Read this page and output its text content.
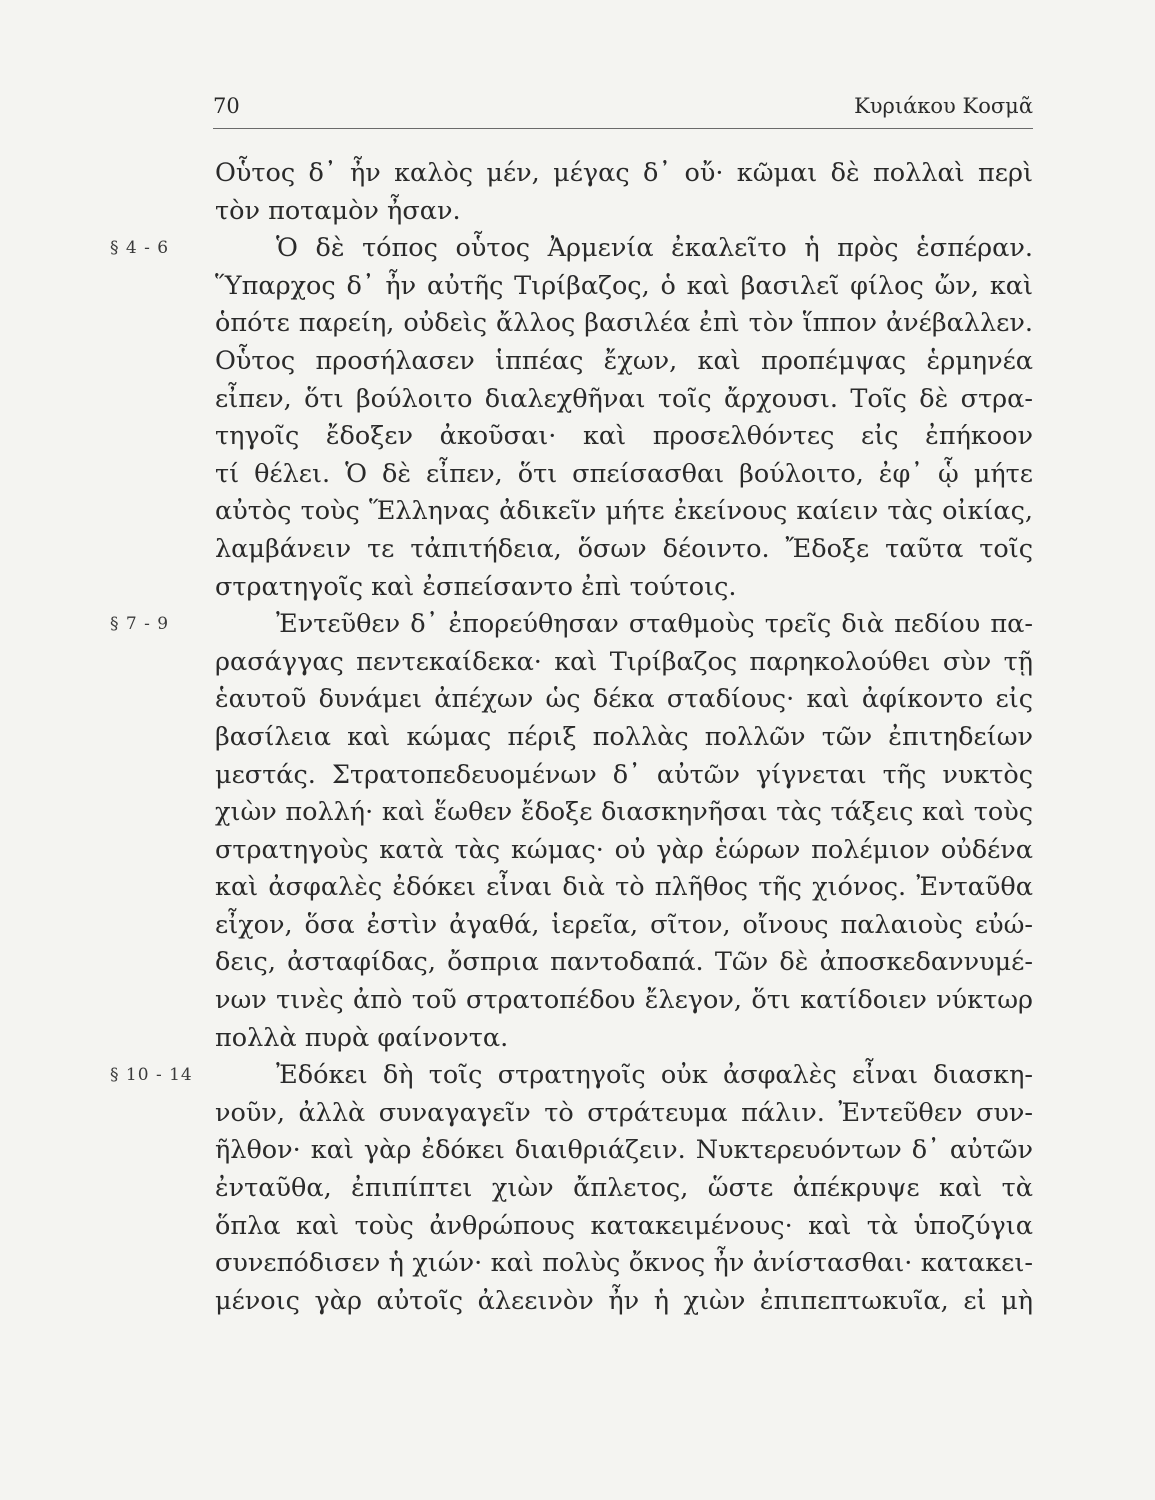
70	Κυριάκου Κοσμᾶ
Οὗτος δ᾽ ἦν καλὸς μέν, μέγας δ᾽ οὔ· κῶμαι δὲ πολλαὶ περὶ
τὸν ποταμὸν ἦσαν.
§ 4 - 6	Ὁ δὲ τόπος οὗτος Ἀρμενία ἐκαλεῖτο ἡ πρὸς ἑσπέραν.
Ὕπαρχος δ᾽ ἦν αὐτῆς Τιρίβαζος, ὁ καὶ βασιλεῖ φίλος ὤν, καὶ
ὁπότε παρείη, οὐδεὶς ἄλλος βασιλέα ἐπὶ τὸν ἵππον ἀνέβαλλεν.
Οὗτος προσήλασεν ἱππέας ἔχων, καὶ προπέμψας ἑρμηνέα
εἶπεν, ὅτι βούλοιτο διαλεχθῆναι τοῖς ἄρχουσι. Τοῖς δὲ στρα-
τηγοῖς ἔδοξεν ἀκοῦσαι· καὶ προσελθόντες εἰς ἐπήκοον
τί θέλει. Ὁ δὲ εἶπεν, ὅτι σπείσασθαι βούλοιτο, ἐφ᾽ ᾧ μήτε
αὐτὸς τοὺς Ἕλληνας ἀδικεῖν μήτε ἐκείνους καίειν τὰς οἰκίας,
λαμβάνειν τε τἀπιτήδεια, ὅσων δέοιντο. Ἔδοξε ταῦτα τοῖς
στρατηγοῖς καὶ ἐσπείσαντο ἐπὶ τούτοις.
§ 7 - 9	Ἐντεῦθεν δ᾽ ἐπορεύθησαν σταθμοὺς τρεῖς διὰ πεδίου πα-
ρασάγγας πεντεκαίδεκα· καὶ Τιρίβαζος παρηκολούθει σὺν τῇ
ἑαυτοῦ δυνάμει ἀπέχων ὡς δέκα σταδίους· καὶ ἀφίκοντο εἰς
βασίλεια καὶ κώμας πέριξ πολλὰς πολλῶν τῶν ἐπιτηδείων
μεστάς. Στρατοπεδευομένων δ᾽ αὐτῶν γίγνεται τῆς νυκτὸς
χιὼν πολλή· καὶ ἕωθεν ἔδοξε διασκηνῆσαι τὰς τάξεις καὶ τοὺς
στρατηγοὺς κατὰ τὰς κώμας· οὐ γὰρ ἑώρων πολέμιον οὐδένα
καὶ ἀσφαλὲς ἐδόκει εἶναι διὰ τὸ πλῆθος τῆς χιόνος. Ἐνταῦθα
εἶχον, ὅσα ἐστὶν ἀγαθά, ἱερεῖα, σῖτον, οἴνους παλαιοὺς εὐώ-
δεις, ἀσταφίδας, ὄσπρια παντοδαπά. Τῶν δὲ ἀποσκεδαννυμέ-
νων τινὲς ἀπὸ τοῦ στρατοπέδου ἔλεγον, ὅτι κατίδοιεν νύκτωρ
πολλὰ πυρὰ φαίνοντα.
§ 10 - 14	Ἐδόκει δὴ τοῖς στρατηγοῖς οὐκ ἀσφαλὲς εἶναι διασκη-
νοῦν, ἀλλὰ συναγαγεῖν τὸ στράτευμα πάλιν. Ἐντεῦθεν συν-
ῆλθον· καὶ γὰρ ἐδόκει διαιθριάζειν. Νυκτερευόντων δ᾽ αὐτῶν
ἐνταῦθα, ἐπιπίπτει χιὼν ἄπλετος, ὥστε ἀπέκρυψε καὶ τὰ
ὅπλα καὶ τοὺς ἀνθρώπους κατακειμένους· καὶ τὰ ὑποζύγια
συνεπόδισεν ἡ χιών· καὶ πολὺς ὄκνος ἦν ἀνίστασθαι· κατακει-
μένοις γὰρ αὐτοῖς ἀλεεινὸν ἦν ἡ χιὼν ἐπιπεπτωκυῖα, εἰ μὴ
